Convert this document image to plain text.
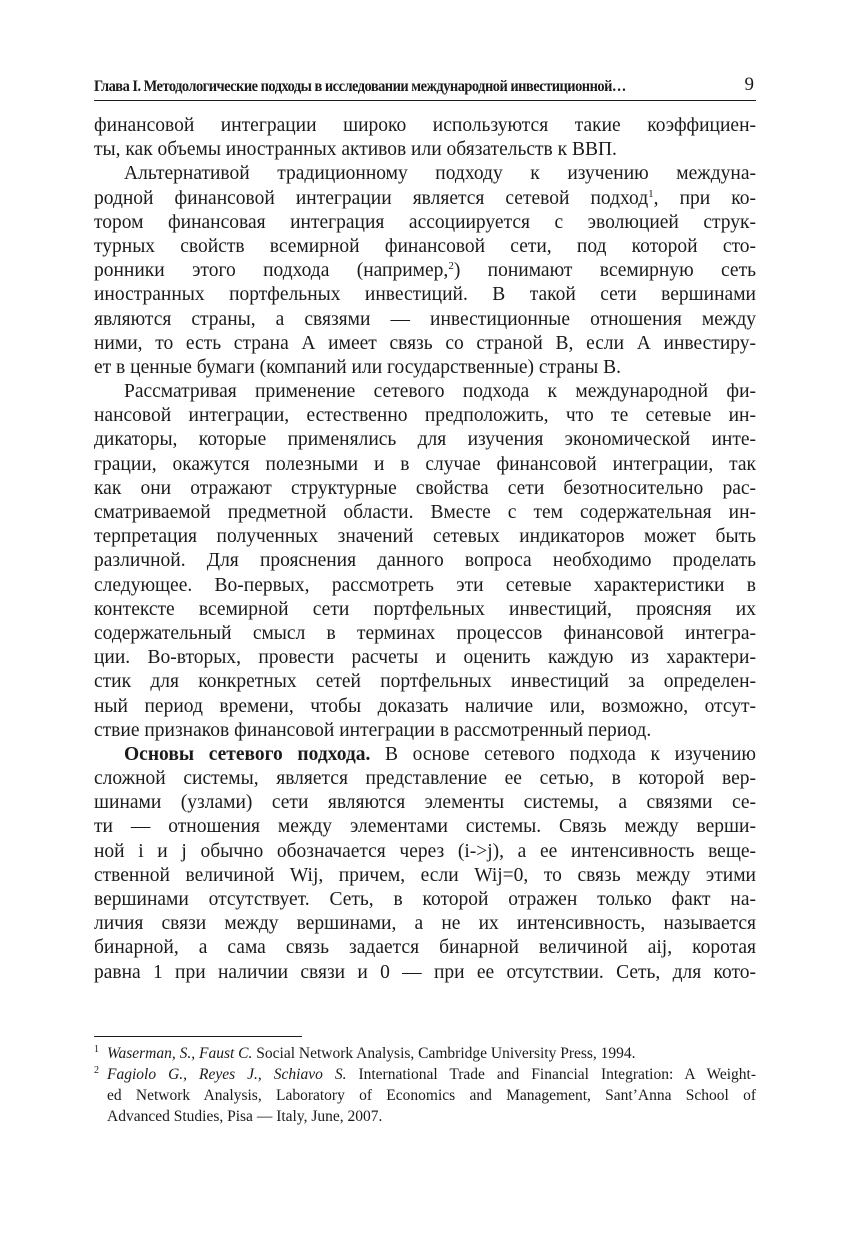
Глава I. Методологические подходы в исследовании международной инвестиционной…	9
финансовой интеграции широко используются такие коэффициен-
ты, как объемы иностранных активов или обязательств к ВВП.
Альтернативой традиционному подходу к изучению междуна-
родной финансовой интеграции является сетевой подход$^1$, при ко-
тором финансовая интеграция ассоциируется с эволюцией струк-
турных свойств всемирной финансовой сети, под которой сто-
ронники этого подхода (например,$^2$) понимают всемирную сеть
иностранных портфельных инвестиций. В такой сети вершинами
являются страны, а связями — инвестиционные отношения между
ними, то есть страна А имеет связь со страной В, если А инвестиру-
ет в ценные бумаги (компаний или государственные) страны В.
Рассматривая применение сетевого подхода к международной фи-
нансовой интеграции, естественно предположить, что те сетевые ин-
дикаторы, которые применялись для изучения экономической инте-
грации, окажутся полезными и в случае финансовой интеграции, так
как они отражают структурные свойства сети безотносительно рас-
сматриваемой предметной области. Вместе с тем содержательная ин-
терпретация полученных значений сетевых индикаторов может быть
различной. Для прояснения данного вопроса необходимо проделать
следующее. Во-первых, рассмотреть эти сетевые характеристики в
контексте всемирной сети портфельных инвестиций, проясняя их
содержательный смысл в терминах процессов финансовой интегра-
ции. Во-вторых, провести расчеты и оценить каждую из характери-
стик для конкретных сетей портфельных инвестиций за определен-
ный период времени, чтобы доказать наличие или, возможно, отсут-
ствие признаков финансовой интеграции в рассмотренный период.
Основы сетевого подхода. В основе сетевого подхода к изучению
сложной системы, является представление ее сетью, в которой вер-
шинами (узлами) сети являются элементы системы, а связями се-
ти — отношения между элементами системы. Связь между верши-
ной i и j обычно обозначается через (i->j), а ее интенсивность веще-
ственной величиной Wij, причем, если Wij=0, то связь между этими
вершинами отсутствует. Сеть, в которой отражен только факт на-
личия связи между вершинами, а не их интенсивность, называется
бинарной, а сама связь задается бинарной величиной aij, коротая
равна 1 при наличии связи и 0 — при ее отсутствии. Сеть, для кото-
1 Waserman, S., Faust C. Social Network Analysis, Cambridge University Press, 1994.
2 Fagiolo G., Reyes J., Schiavo S. International Trade and Financial Integration: A Weight-
ed Network Analysis, Laboratory of Economics and Management, Sant’Anna School of
Advanced Studies, Pisa — Italy, June, 2007.
